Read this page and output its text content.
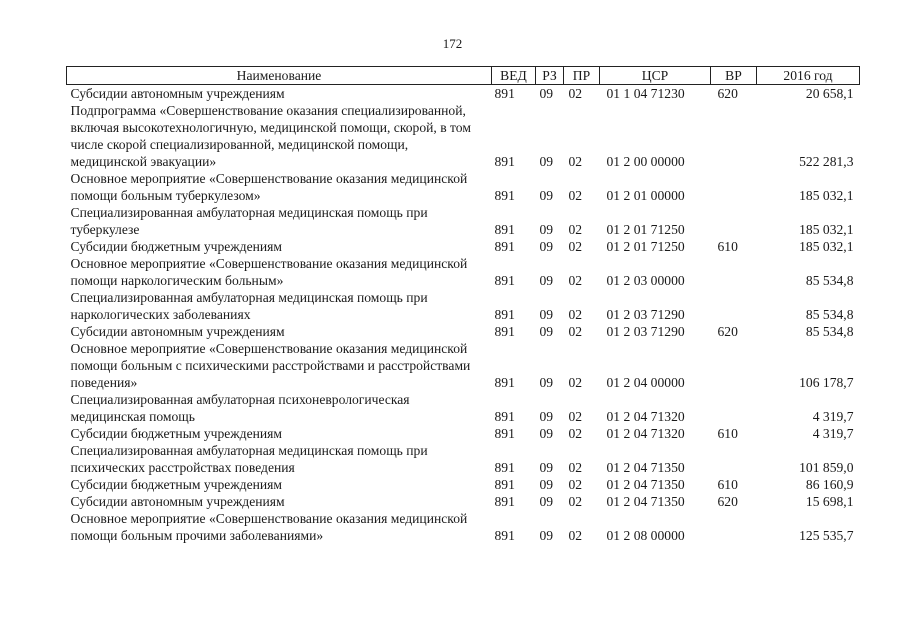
172
Наименование	ВЕД	РЗ	ПР	ЦСР	ВР	2016 год
Субсидии автономным учреждениям	891	09	02	01 1 04 71230	620	20 658,1
Подпрограмма «Совершенствование оказания специализированной, включая высокотехнологичную, медицинской помощи, скорой, в том числе скорой специализированной, медицинской помощи, медицинской эвакуации»	891	09	02	01 2 00 00000		522 281,3
Основное мероприятие «Совершенствование оказания медицинской помощи больным туберкулезом»	891	09	02	01 2 01 00000		185 032,1
Специализированная амбулаторная медицинская помощь при туберкулезе	891	09	02	01 2 01 71250		185 032,1
Субсидии бюджетным учреждениям	891	09	02	01 2 01 71250	610	185 032,1
Основное мероприятие «Совершенствование оказания медицинской помощи наркологическим больным»	891	09	02	01 2 03 00000		85 534,8
Специализированная амбулаторная медицинская помощь при наркологических заболеваниях	891	09	02	01 2 03 71290		85 534,8
Субсидии автономным учреждениям	891	09	02	01 2 03 71290	620	85 534,8
Основное мероприятие «Совершенствование оказания медицинской помощи больным с психическими расстройствами и расстройствами поведения»	891	09	02	01 2 04 00000		106 178,7
Специализированная амбулаторная психоневрологическая медицинская помощь	891	09	02	01 2 04 71320		4 319,7
Субсидии бюджетным учреждениям	891	09	02	01 2 04 71320	610	4 319,7
Специализированная амбулаторная медицинская помощь при психических расстройствах поведения	891	09	02	01 2 04 71350		101 859,0
Субсидии бюджетным учреждениям	891	09	02	01 2 04 71350	610	86 160,9
Субсидии автономным учреждениям	891	09	02	01 2 04 71350	620	15 698,1
Основное мероприятие «Совершенствование оказания медицинской помощи больным прочими заболеваниями»	891	09	02	01 2 08 00000		125 535,7
